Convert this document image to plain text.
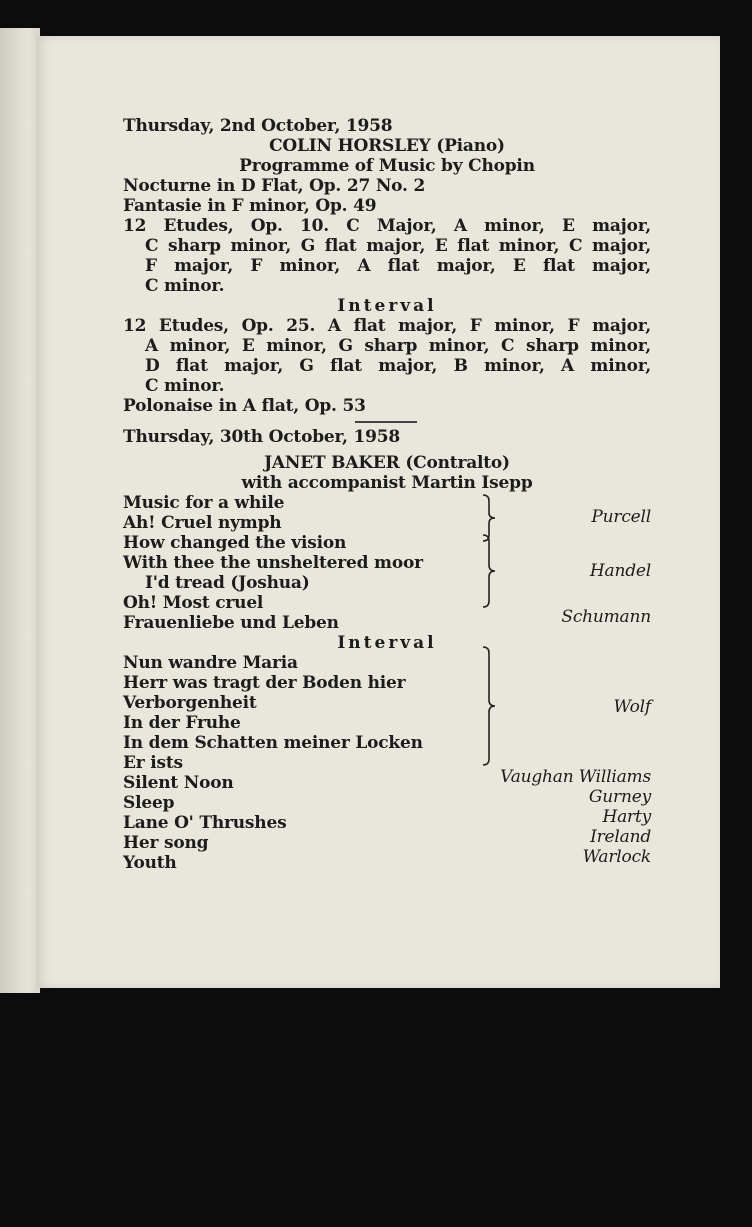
Thursday, 2nd October, 1958
COLIN HORSLEY (Piano)
Programme of Music by Chopin
Nocturne in D Flat, Op. 27 No. 2
Fantasie in F minor, Op. 49
12 Etudes, Op. 10. C Major, A minor, E major,
C sharp minor, G flat major, E flat minor, C major,
F major, F minor, A flat major, E flat major,
C minor.
Interval
12 Etudes, Op. 25. A flat major, F minor, F major,
A minor, E minor, G sharp minor, C sharp minor,
D flat major, G flat major, B minor, A minor,
C minor.
Polonaise in A flat, Op. 53
Thursday, 30th October, 1958
JANET BAKER (Contralto)
with accompanist Martin Isepp
Music for a while
Ah! Cruel nymph
How changed the vision
With thee the unsheltered moor
I'd tread (Joshua)
Oh! Most cruel
Frauenliebe und Leben
Interval
Nun wandre Maria
Herr was tragt der Boden hier
Verborgenheit
In der Fruhe
In dem Schatten meiner Locken
Er ists
Silent Noon
Sleep
Lane O' Thrushes
Her song
Youth
Purcell
Handel
Schumann
Wolf
Vaughan Williams
Gurney
Harty
Ireland
Warlock
